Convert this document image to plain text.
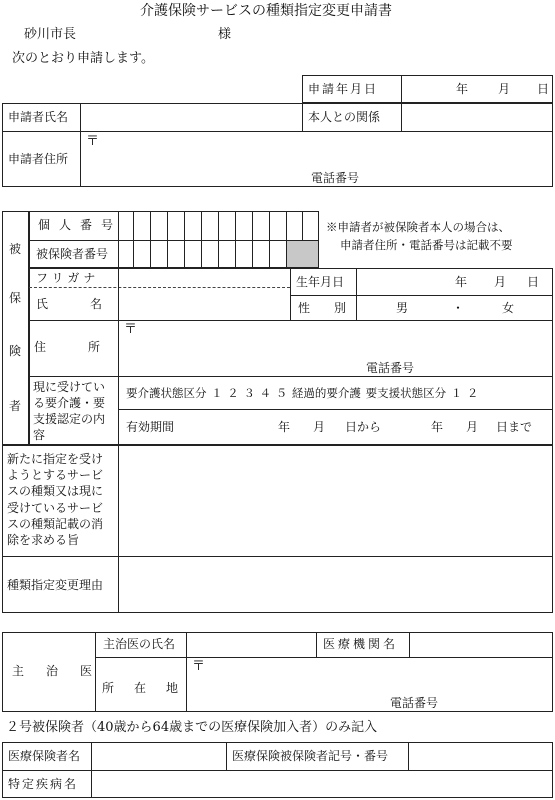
介護保険サービスの種類指定変更申請書
砂川市長	様
次のとおり申請します。
申請年月日	年 月 日
申請者氏名	本人との関係
申請者住所
〒
電話番号
被
保
険
者
個人番号
被保険者番号
※申請者が被保険者本人の場合は、
申請者住所・電話番号は記載不要
フリガナ
氏名
生年月日	年 月 日
性別 男	・	女
住所
〒
電話番号
現に受けてい
る要介護・要
支援認定の内
容
要介護状態区分 １ ２ ３ ４ ５ 経過的要介護 要支援状態区分 １ ２
有効期間	年 月 日から	年 月 日まで
新たに指定を受け
ようとするサービ
スの種類又は現に
受けているサービ
スの種類記載の消
除を求める旨
種類指定変更理由
主治医
主治医の氏名	医療機関名
所在地
〒
電話番号
２号被保険者（40歳から64歳までの医療保険加入者）のみ記入
医療保険者名	医療保険被保険者記号・番号
特定疾病名
